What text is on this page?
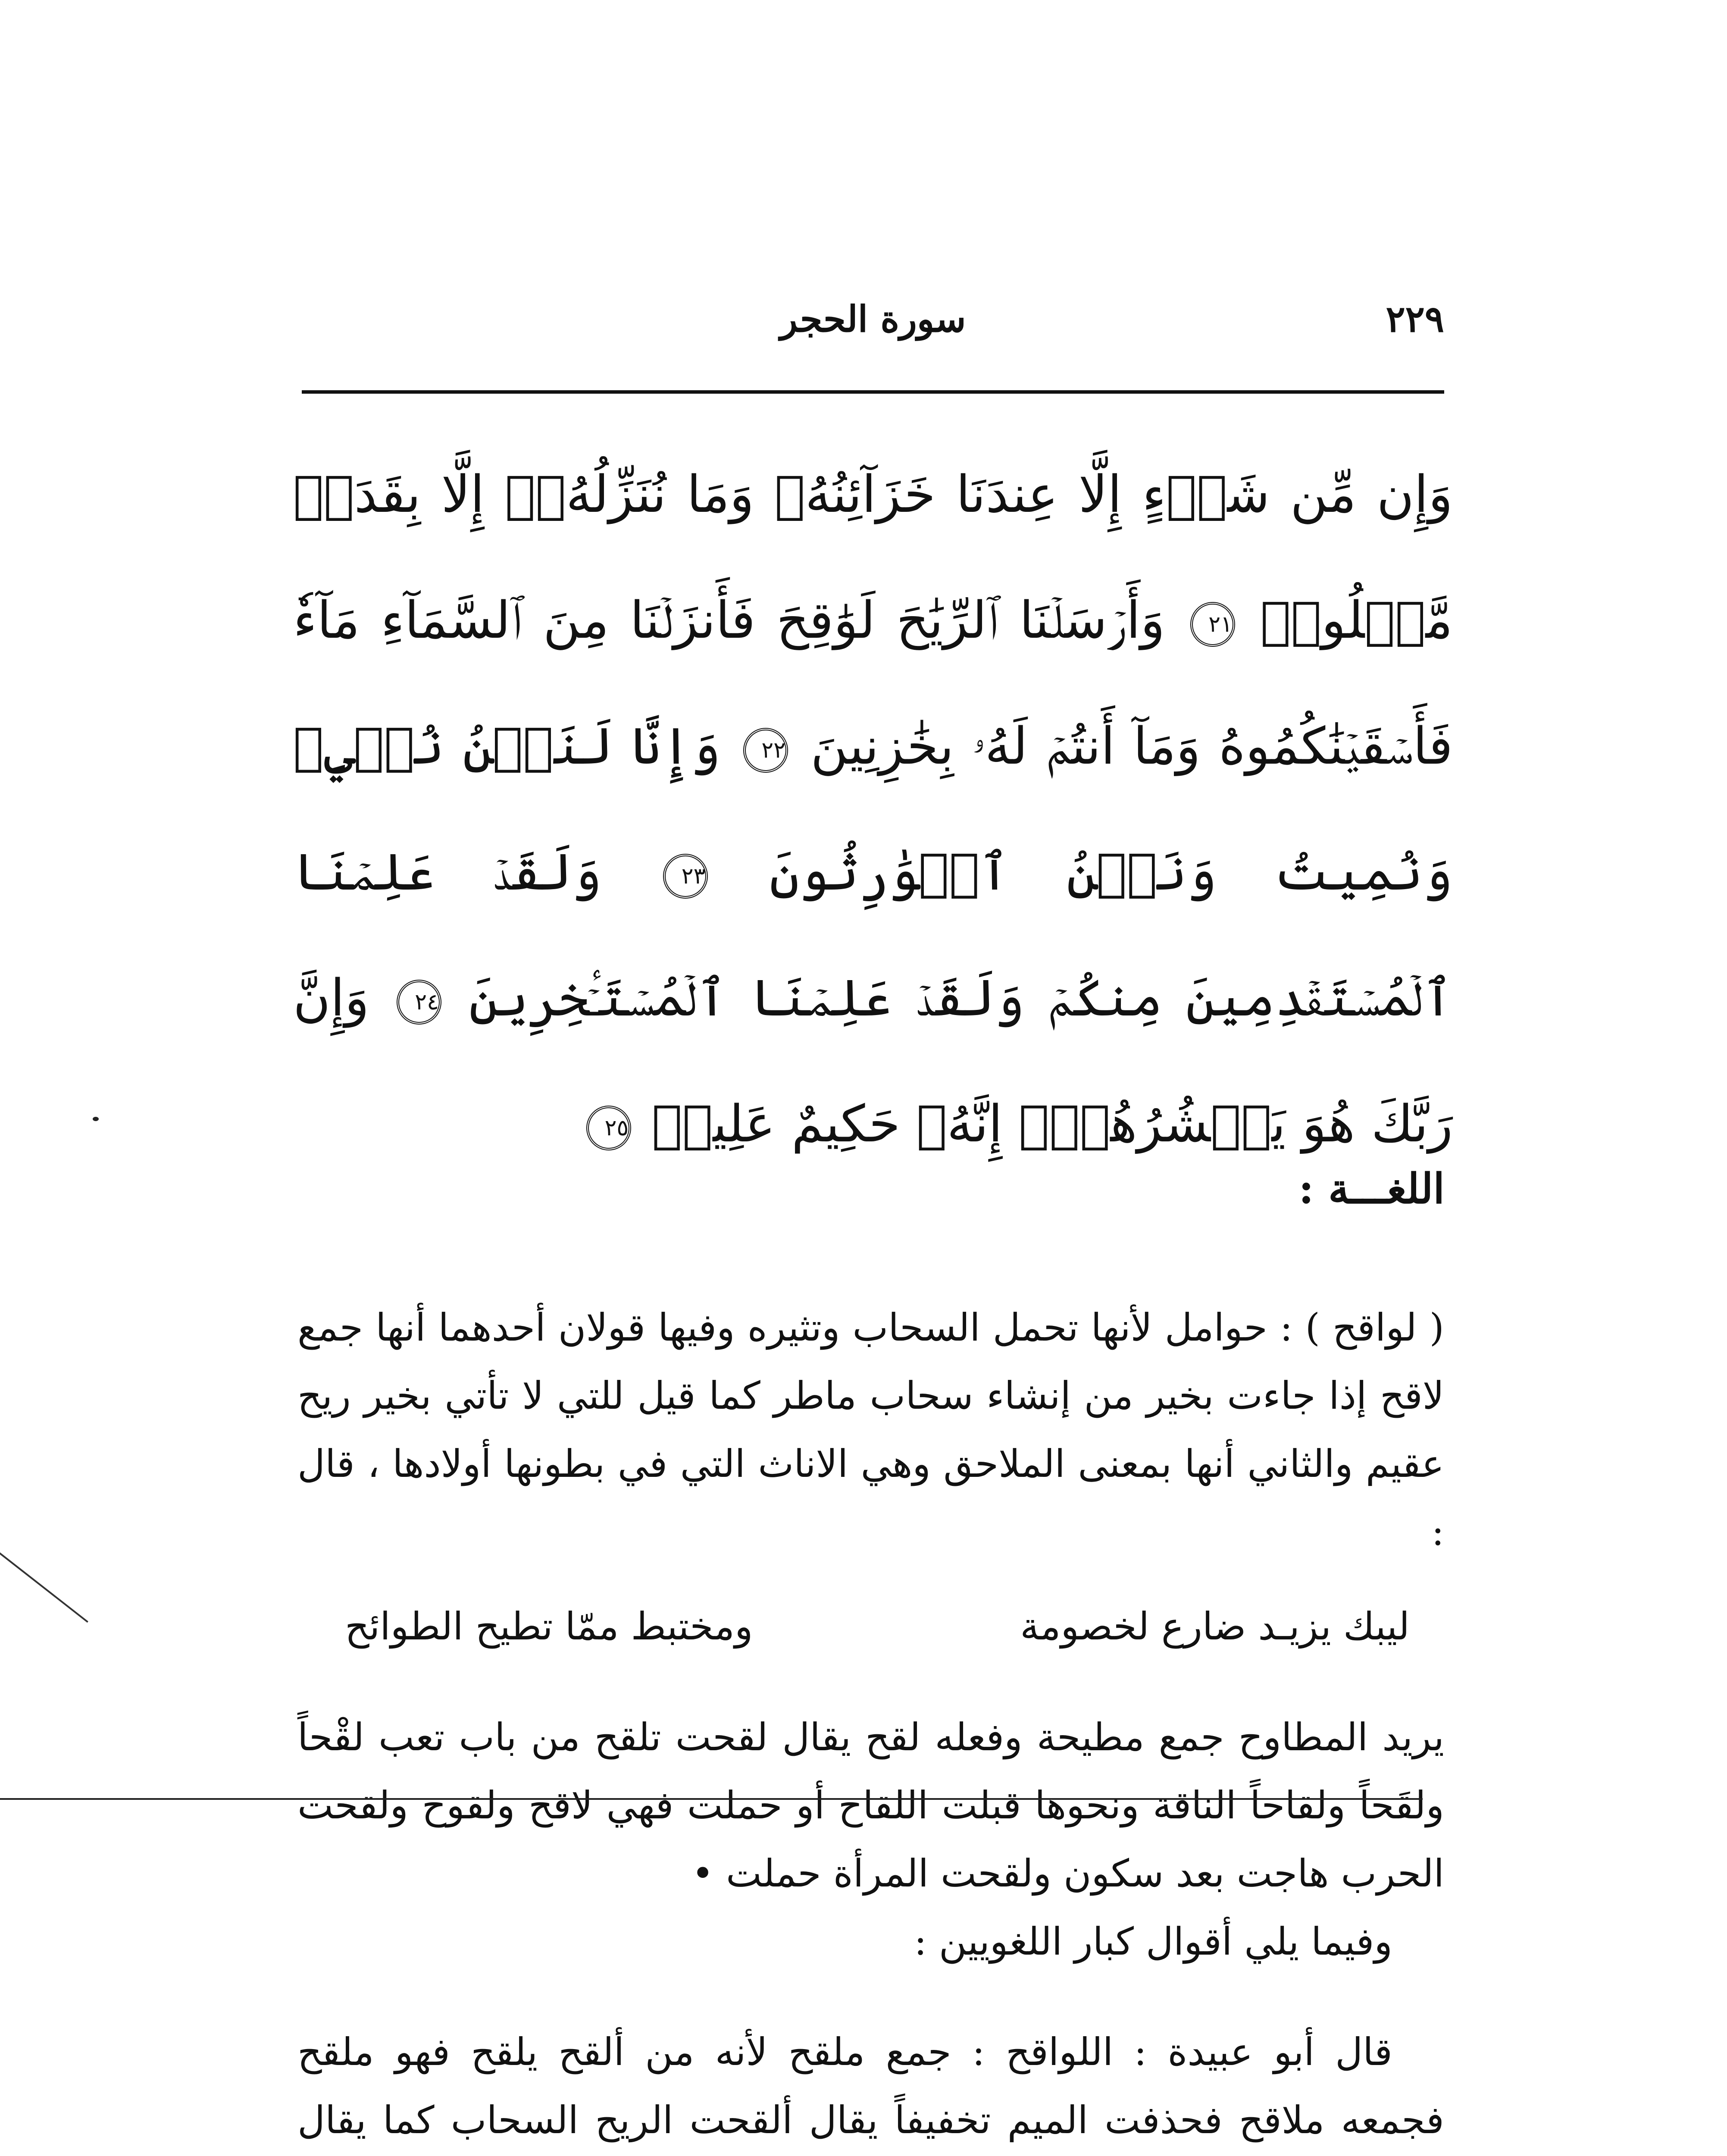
٢٢٩
سورة الحجر
وَإِن مِّن شَيۡءٍ إِلَّا عِندَنَا خَزَآئِنُهُۥ وَمَا نُنَزِّلُهُۥٓ إِلَّا بِقَدَرٖ مَّعۡلُومٖ ٢١ وَأَرۡسَلۡنَا ٱلرِّيَٰحَ لَوَٰقِحَ فَأَنزَلۡنَا مِنَ ٱلسَّمَآءِ مَآءٗ فَأَسۡقَيۡنَٰكُمُوهُ وَمَآ أَنتُمۡ لَهُۥ بِخَٰزِنِينَ ٢٢ وَإِنَّا لَنَحۡنُ نُحۡيِۦ وَنُمِيتُ وَنَحۡنُ ٱلۡوَٰرِثُونَ ٢٣ وَلَقَدۡ عَلِمۡنَا ٱلۡمُسۡتَقۡدِمِينَ مِنكُمۡ وَلَقَدۡ عَلِمۡنَا ٱلۡمُسۡتَـٔۡخِرِينَ ٢٤ وَإِنَّ رَبَّكَ هُوَ يَحۡشُرُهُمۡۚ إِنَّهُۥ حَكِيمٌ عَلِيمٞ ٢٥
اللغـــة :
( لواقح ) : حوامل لأنها تحمل السحاب وتثيره وفيها قولان أحدهما أنها جمع لاقح إذا جاءت بخير من إنشاء سحاب ماطر كما قيل للتي لا تأتي بخير ريح عقيم والثاني أنها بمعنى الملاحق وهي الاناث التي في بطونها أولادها ، قال :
ليبك يزيـد ضارع لخصومة
ومختبط ممّا تطيح الطوائح
يريد المطاوح جمع مطيحة وفعله لقح يقال لقحت تلقح من باب تعب لقْحاً ولقَحاً ولقاحاً الناقة ونحوها قبلت اللقاح أو حملت فهي لاقح ولقوح ولقحت الحرب هاجت بعد سكون ولقحت المرأة حملت •
وفيما يلي أقوال كبار اللغويين :
قال أبو عبيدة : اللواقح : جمع ملقح لأنه من ألقح يلقح فهو ملقح فجمعه ملاقح فحذفت الميم تخفيفاً يقال ألقحت الريح السحاب كما يقال
